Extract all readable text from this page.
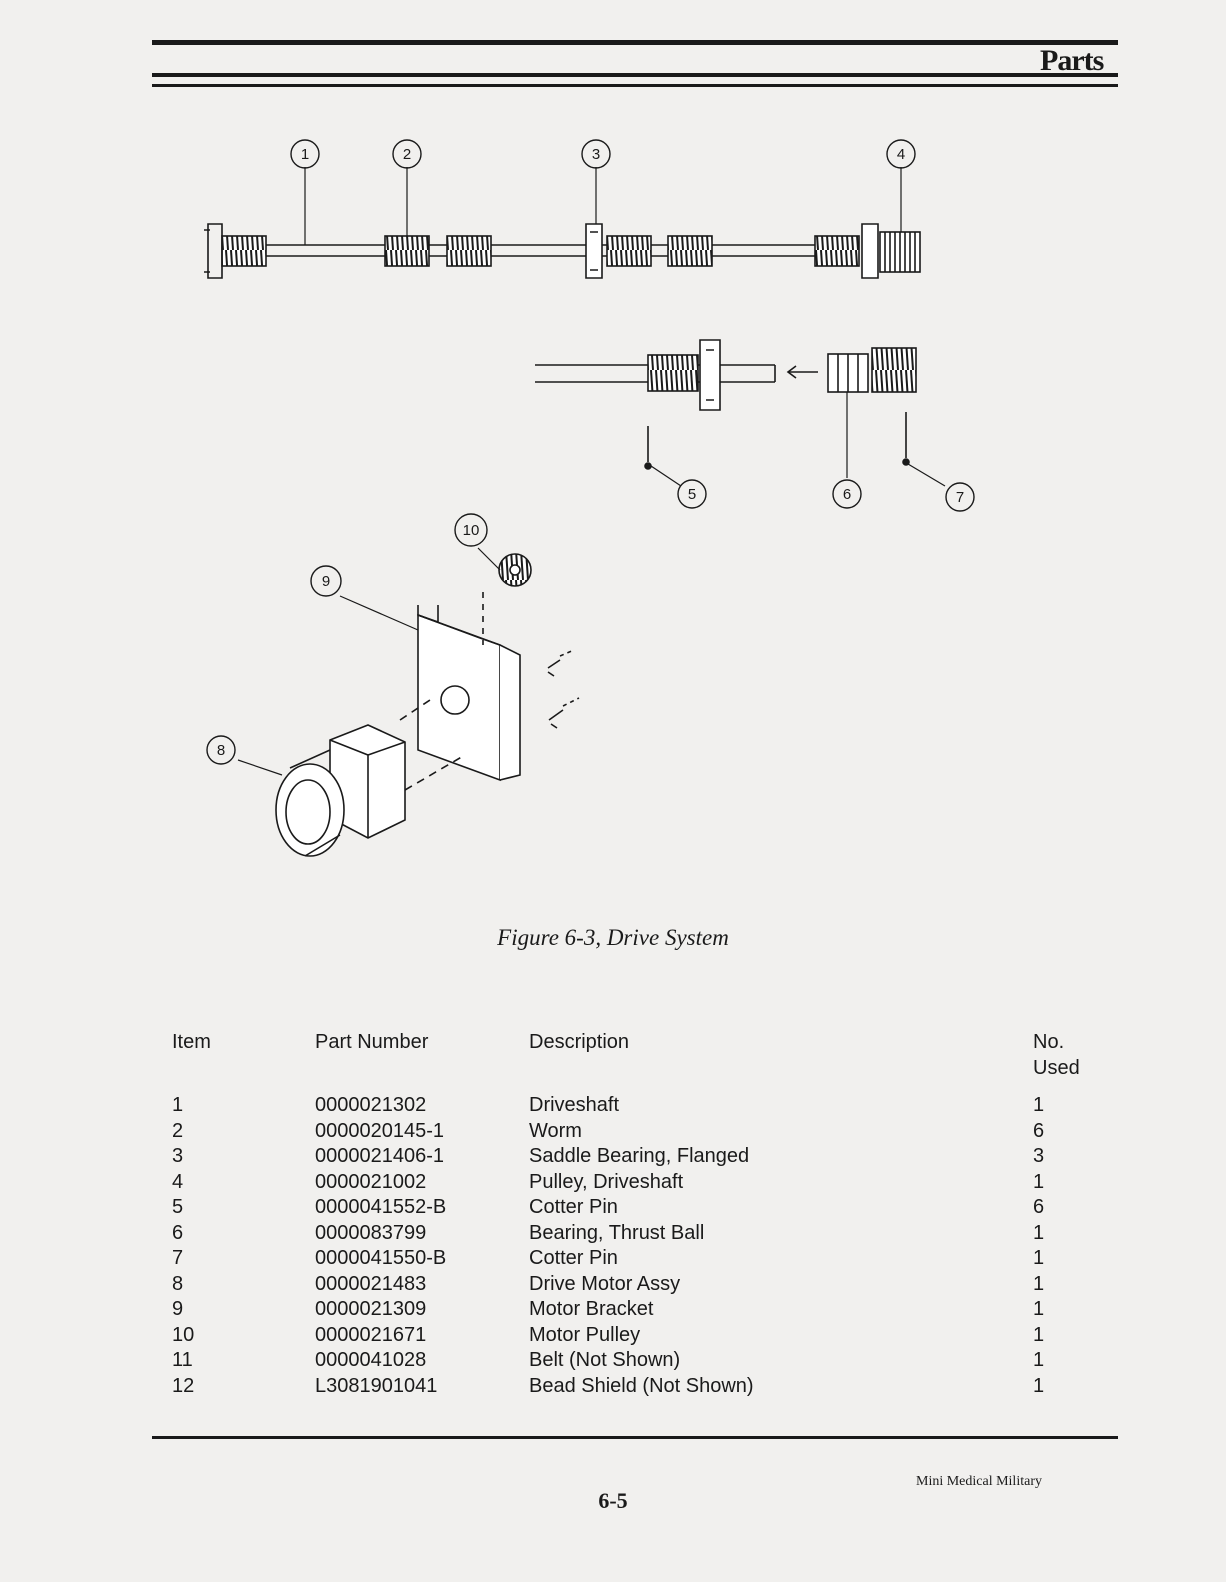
Parts
1	2	3	4
5	6	7
8
9
10
Figure 6-3, Drive System
Item	Part Number	Description	No.
Used

1	0000021302	Driveshaft	1
2	0000020145-1	Worm	6
3	0000021406-1	Saddle Bearing, Flanged	3
4	0000021002	Pulley, Driveshaft	1
5	0000041552-B	Cotter Pin	6
6	0000083799	Bearing, Thrust Ball	1
7	0000041550-B	Cotter Pin	1
8	0000021483	Drive Motor Assy	1
9	0000021309	Motor Bracket	1
10	0000021671	Motor Pulley	1
11	0000041028	Belt (Not Shown)	1
12	L3081901041	Bead Shield (Not Shown)	1
6-5
Mini Medical Military
